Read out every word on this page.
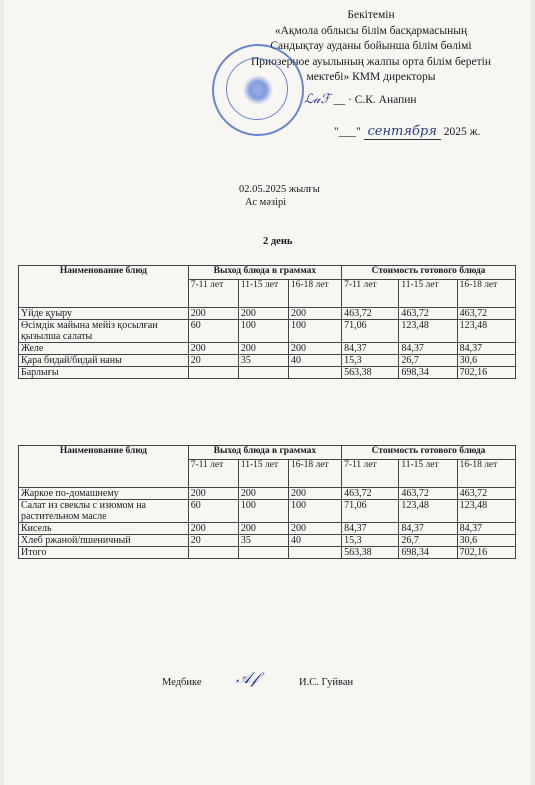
Бекітемін
«Ақмола облысы білім басқармасының
Сандықтау ауданы бойынша білім бөлімі
Приозерное ауылының жалпы орта білім беретін
мектебі» КММ директоры
ℒ𝒶ℱ __ · С.К. Анапин
"___" сентября 2025 ж.
02.05.2025 жылғы
Ас мәзірі
2 день
Наименование блюд	Выход блюда в граммах			Стоимость готового блюда		
	7-11 лет	11-15 лет	16-18 лет	7-11 лет	11-15 лет	16-18 лет
Үйде қуыру	200	200	200	463,72	463,72	463,72
Өсімдік майына мейіз қосылған қызылша салаты	60	100	100	71,06	123,48	123,48
Желе	200	200	200	84,37	84,37	84,37
Қара бидай/бидай наны	20	35	40	15,3	26,7	30,6
Барлығы				563,38	698,34	702,16
Наименование блюд	Выход блюда в граммах			Стоимость готового блюда		
	7-11 лет	11-15 лет	16-18 лет	7-11 лет	11-15 лет	16-18 лет
Жаркое по-домашнему	200	200	200	463,72	463,72	463,72
Салат из свеклы с изюмом на растительном масле	60	100	100	71,06	123,48	123,48
Кисель	200	200	200	84,37	84,37	84,37
Хлеб ржаной/пшеничный	20	35	40	15,3	26,7	30,6
Итого				563,38	698,34	702,16
Медбике 𝒜𝒻	И.С. Гуйван
